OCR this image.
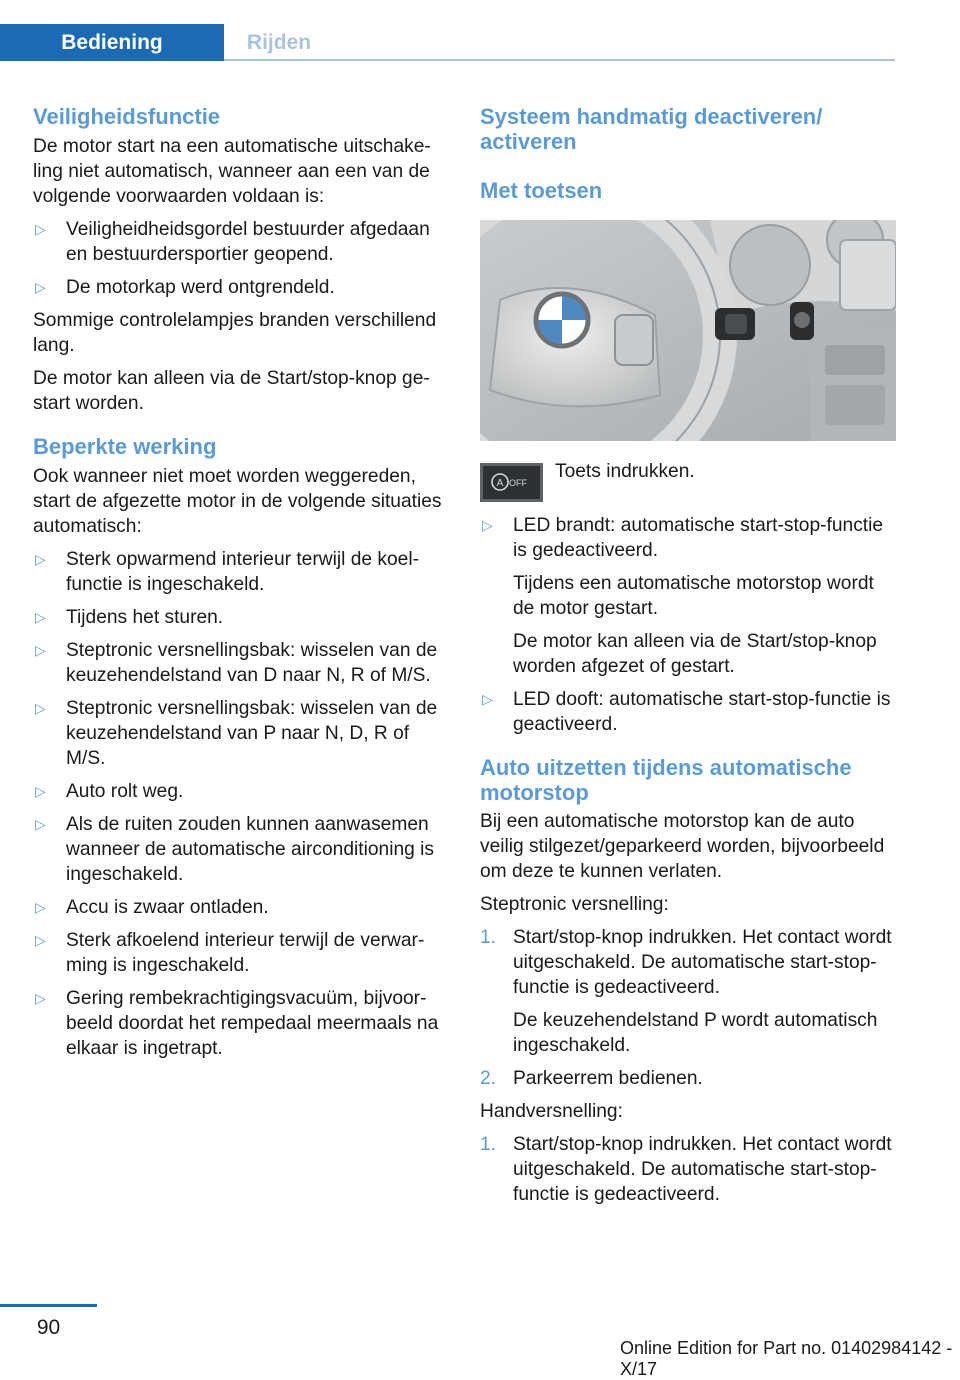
Bediening	Rijden
Veiligheidsfunctie

De motor start na een automatische uitschakeling niet automatisch, wanneer aan een van de volgende voorwaarden voldaan is:

▷ Veiligheidheidsgordel bestuurder afgedaan en bestuurdersportier geopend.
▷ De motorkap werd ontgrendeld.

Sommige controlelampjes branden verschillend lang.

De motor kan alleen via de Start/stop-knop gestart worden.

Beperkte werking

Ook wanneer niet moet worden weggereden, start de afgezette motor in de volgende situaties automatisch:

▷ Sterk opwarmend interieur terwijl de koelfunctie is ingeschakeld.
▷ Tijdens het sturen.
▷ Steptronic versnellingsbak: wisselen van de keuzehendelstand van D naar N, R of M/S.
▷ Steptronic versnellingsbak: wisselen van de keuzehendelstand van P naar N, D, R of M/S.
▷ Auto rolt weg.
▷ Als de ruiten zouden kunnen aanwasemen wanneer de automatische airconditioning is ingeschakeld.
▷ Accu is zwaar ontladen.
▷ Sterk afkoelend interieur terwijl de verwarming is ingeschakeld.
▷ Gering rembekrachtigingsvacuüm, bijvoorbeeld doordat het rempedaal meermaals na elkaar is ingetrapt.
Systeem handmatig deactiveren/ activeren
Met toetsen
A OFF
Toets indrukken.
▷ LED brandt: automatische start-stop-functie is gedeactiveerd.
Tijdens een automatische motorstop wordt de motor gestart.
De motor kan alleen via de Start/stop-knop worden afgezet of gestart.
▷ LED dooft: automatische start-stop-functie is geactiveerd.
Auto uitzetten tijdens automatische motorstop

Bij een automatische motorstop kan de auto veilig stilgezet/geparkeerd worden, bijvoorbeeld om deze te kunnen verlaten.

Steptronic versnelling:

1. Start/stop-knop indrukken. Het contact wordt uitgeschakeld. De automatische start-stop-functie is gedeactiveerd.
De keuzehendelstand P wordt automatisch ingeschakeld.
2. Parkeerrem bedienen.

Handversnelling:

1. Start/stop-knop indrukken. Het contact wordt uitgeschakeld. De automatische start-stop-functie is gedeactiveerd.
90
Online Edition for Part no. 01402984142 - X/17
